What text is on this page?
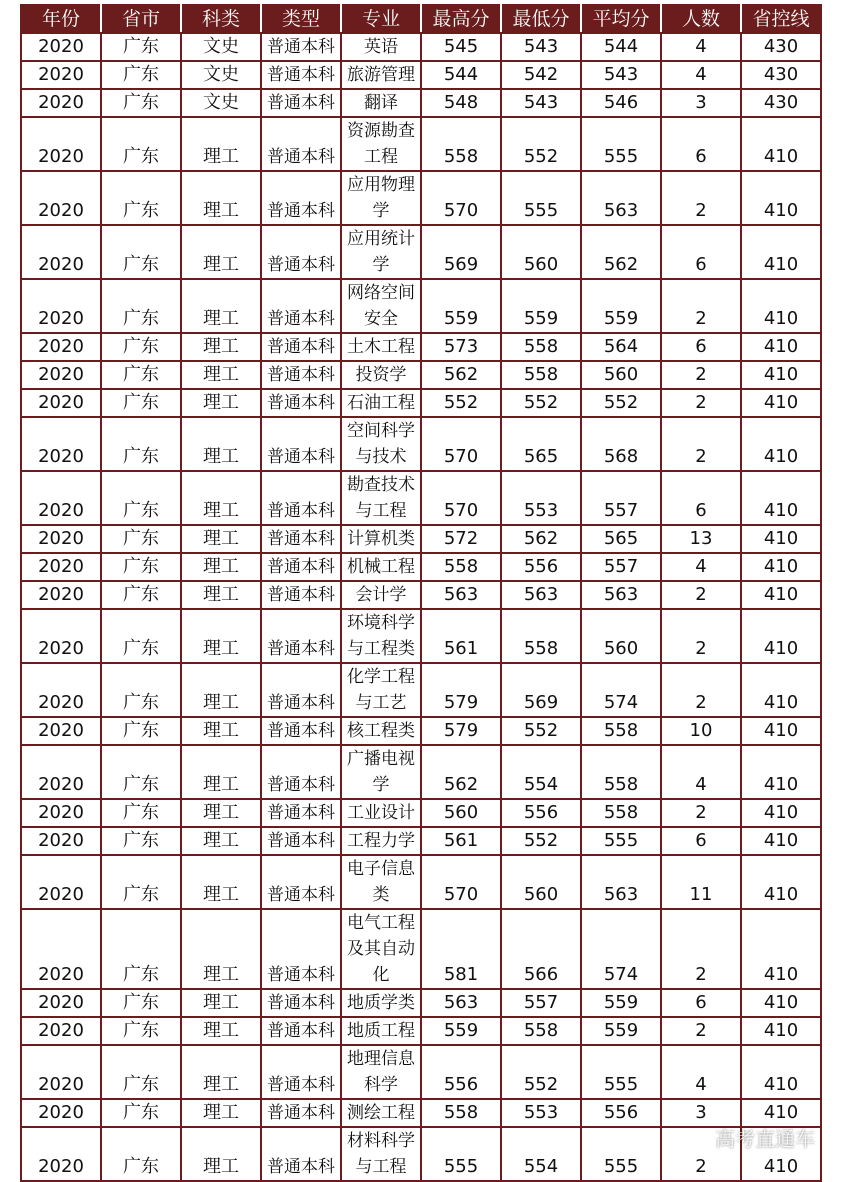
年份	省市	科类	类型	专业	最高分	最低分	平均分	人数	省控线
2020	广东	文史	普通本科	英语	545	543	544	4	430
2020	广东	文史	普通本科	旅游管理	544	542	543	4	430
2020	广东	文史	普通本科	翻译	548	543	546	3	430
2020	广东	理工	普通本科	资源勘查工程	558	552	555	6	410
2020	广东	理工	普通本科	应用物理学	570	555	563	2	410
2020	广东	理工	普通本科	应用统计学	569	560	562	6	410
2020	广东	理工	普通本科	网络空间安全	559	559	559	2	410
2020	广东	理工	普通本科	土木工程	573	558	564	6	410
2020	广东	理工	普通本科	投资学	562	558	560	2	410
2020	广东	理工	普通本科	石油工程	552	552	552	2	410
2020	广东	理工	普通本科	空间科学与技术	570	565	568	2	410
2020	广东	理工	普通本科	勘查技术与工程	570	553	557	6	410
2020	广东	理工	普通本科	计算机类	572	562	565	13	410
2020	广东	理工	普通本科	机械工程	558	556	557	4	410
2020	广东	理工	普通本科	会计学	563	563	563	2	410
2020	广东	理工	普通本科	环境科学与工程类	561	558	560	2	410
2020	广东	理工	普通本科	化学工程与工艺	579	569	574	2	410
2020	广东	理工	普通本科	核工程类	579	552	558	10	410
2020	广东	理工	普通本科	广播电视学	562	554	558	4	410
2020	广东	理工	普通本科	工业设计	560	556	558	2	410
2020	广东	理工	普通本科	工程力学	561	552	555	6	410
2020	广东	理工	普通本科	电子信息类	570	560	563	11	410
2020	广东	理工	普通本科	电气工程及其自动化	581	566	574	2	410
2020	广东	理工	普通本科	地质学类	563	557	559	6	410
2020	广东	理工	普通本科	地质工程	559	558	559	2	410
2020	广东	理工	普通本科	地理信息科学	556	552	555	4	410
2020	广东	理工	普通本科	测绘工程	558	553	556	3	410
2020	广东	理工	普通本科	材料科学与工程	555	554	555	2	410
高考直通车
